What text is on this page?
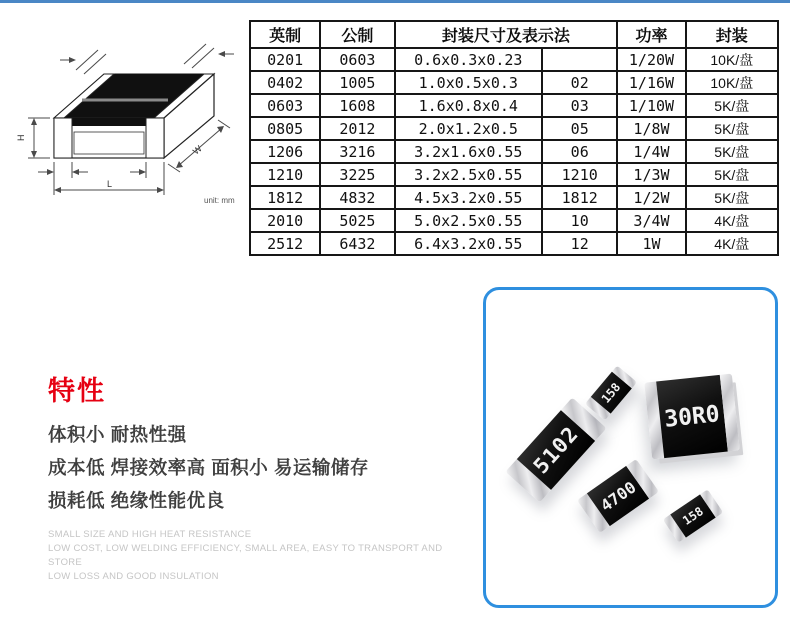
H
L
W
unit: mm
英制	公制	封装尺寸及表示法		功率	封装
0201	0603	0.6x0.3x0.23		1/20W	10K/盘
0402	1005	1.0x0.5x0.3	02	1/16W	10K/盘
0603	1608	1.6x0.8x0.4	03	1/10W	5K/盘
0805	2012	2.0x1.2x0.5	05	1/8W	5K/盘
1206	3216	3.2x1.6x0.55	06	1/4W	5K/盘
1210	3225	3.2x2.5x0.55	1210	1/3W	5K/盘
1812	4832	4.5x3.2x0.55	1812	1/2W	5K/盘
2010	5025	5.0x2.5x0.55	10	3/4W	4K/盘
2512	6432	6.4x3.2x0.55	12	1W	4K/盘
特性
体积小 耐热性强
成本低 焊接效率高 面积小 易运输储存
损耗低 绝缘性能优良
SMALL SIZE AND HIGH HEAT RESISTANCE
LOW COST, LOW WELDING EFFICIENCY, SMALL AREA, EASY TO TRANSPORT AND STORE
LOW LOSS AND GOOD INSULATION
5102
158
30R0
4700
158
